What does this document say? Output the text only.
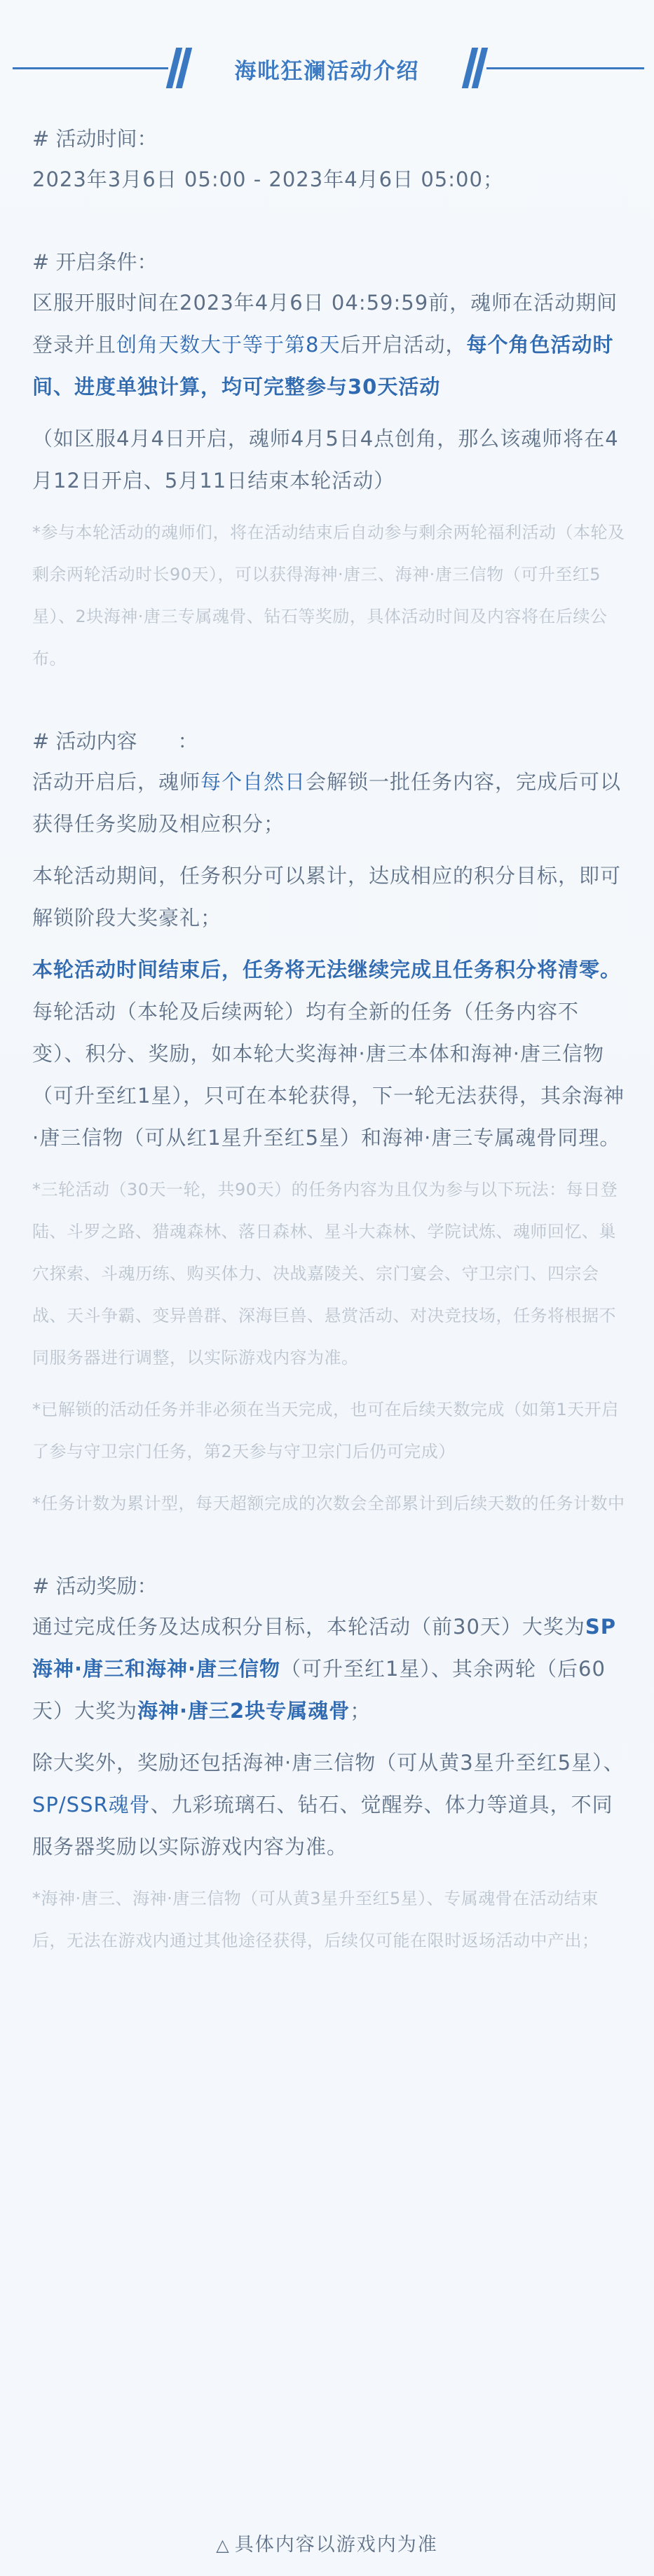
海吡狂澜活动介绍
# 活动时间：

2023年3月6日 05:00 - 2023年4月6日 05:00；

# 开启条件：

区服开服时间在2023年4月6日 04:59:59前，魂师在活动期间登录并且创角天数大于等于第8天后开启活动，每个角色活动时间、进度单独计算，均可完整参与30天活动

（如区服4月4日开启，魂师4月5日4点创角，那么该魂师将在4月12日开启、5月11日结束本轮活动）

*参与本轮活动的魂师们，将在活动结束后自动参与剩余两轮福利活动（本轮及剩余两轮活动时长90天），可以获得海神·唐三、海神·唐三信物（可升至红5星）、2块海神·唐三专属魂骨、钻石等奖励，具体活动时间及内容将在后续公布。

# 活动内容　　：

活动开启后，魂师每个自然日会解锁一批任务内容，完成后可以获得任务奖励及相应积分；

本轮活动期间，任务积分可以累计，达成相应的积分目标，即可解锁阶段大奖豪礼；

本轮活动时间结束后，任务将无法继续完成且任务积分将清零。每轮活动（本轮及后续两轮）均有全新的任务（任务内容不变）、积分、奖励，如本轮大奖海神·唐三本体和海神·唐三信物（可升至红1星），只可在本轮获得，下一轮无法获得，其余海神·唐三信物（可从红1星升至红5星）和海神·唐三专属魂骨同理。

*三轮活动（30天一轮，共90天）的任务内容为且仅为参与以下玩法：每日登陆、斗罗之路、猎魂森林、落日森林、星斗大森林、学院试炼、魂师回忆、巢穴探索、斗魂历练、购买体力、决战嘉陵关、宗门宴会、守卫宗门、四宗会战、天斗争霸、变异兽群、深海巨兽、悬赏活动、对决竞技场，任务将根据不同服务器进行调整，以实际游戏内容为准。

*已解锁的活动任务并非必须在当天完成，也可在后续天数完成（如第1天开启了参与守卫宗门任务，第2天参与守卫宗门后仍可完成）

*任务计数为累计型，每天超额完成的次数会全部累计到后续天数的任务计数中

# 活动奖励：

通过完成任务及达成积分目标，本轮活动（前30天）大奖为SP海神·唐三和海神·唐三信物（可升至红1星）、其余两轮（后60天）大奖为海神·唐三2块专属魂骨；

除大奖外，奖励还包括海神·唐三信物（可从黄3星升至红5星）、SP/SSR魂骨、九彩琉璃石、钻石、觉醒券、体力等道具，不同服务器奖励以实际游戏内容为准。

*海神·唐三、海神·唐三信物（可从黄3星升至红5星）、专属魂骨在活动结束后，无法在游戏内通过其他途径获得，后续仅可能在限时返场活动中产出；

△ 具体内容以游戏内为准
